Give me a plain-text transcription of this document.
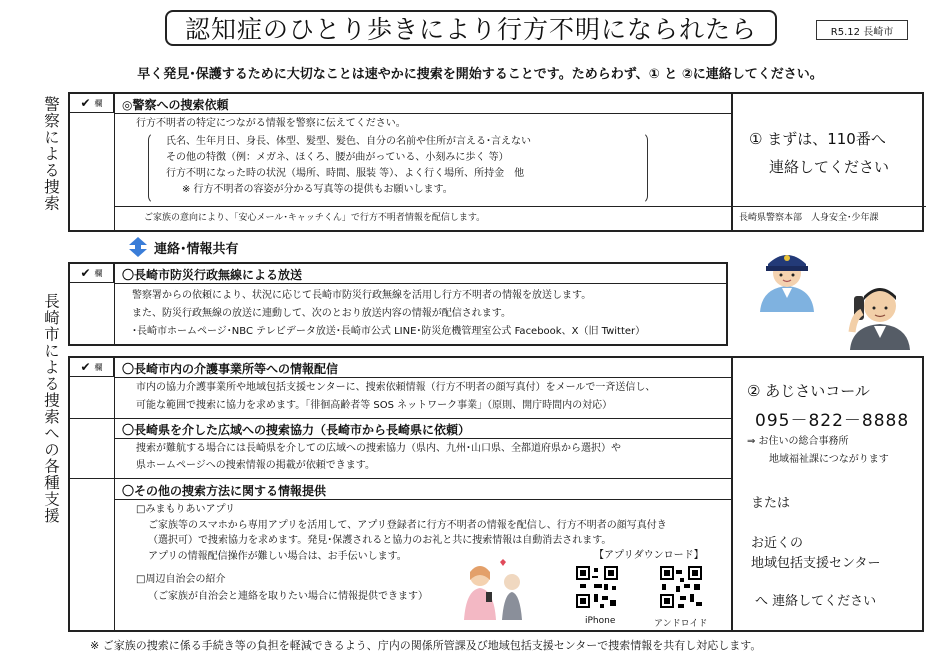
認知症のひとり歩きにより行方不明になられたら	R5.12 長崎市
早く発見･保護するために大切なことは速やかに捜索を開始することです。ためらわず、① と ②に連絡してください。
警察による捜索
長崎市による捜索への各種支援
✔ 欄 ◎警察への捜索依頼
行方不明者の特定につながる情報を警察に伝えてください。
氏名、生年月日、身長、体型、髪型、髪色、自分の名前や住所が言える･言えない
その他の特徴（例：メガネ、ほくろ、腰が曲がっている、小刻みに歩く 等）
行方不明になった時の状況（場所、時間、服装 等）、よく行く場所、所持金　他
※ 行方不明者の容姿が分かる写真等の提供もお願いします。
ご家族の意向により、「安心メール･キャッチくん」で行方不明者情報を配信します。
① まずは、110番へ
連絡してください
長崎県警察本部　人身安全･少年課
連絡･情報共有
✔ 欄 〇長崎市防災行政無線による放送
警察署からの依頼により、状況に応じて長崎市防災行政無線を活用し行方不明者の情報を放送します。
また、防災行政無線の放送に連動して、次のとおり放送内容の情報が配信されます。
･長崎市ホームページ･NBC テレビデータ放送･長崎市公式 LINE･防災危機管理室公式 Facebook、X（旧 Twitter）
✔ 欄 〇長崎市内の介護事業所等への情報配信
市内の協力介護事業所や地域包括支援センターに、捜索依頼情報（行方不明者の顔写真付）をメールで一斉送信し、
可能な範囲で捜索に協力を求めます。「徘徊高齢者等 SOS ネットワーク事業」（原則、開庁時間内の対応）
〇長崎県を介した広域への捜索協力（長崎市から長崎県に依頼）
捜索が難航する場合には長崎県を介しての広域への捜索協力（県内、九州･山口県、全都道府県から選択）や
県ホームページへの捜索情報の掲載が依頼できます。
〇その他の捜索方法に関する情報提供
□みまもりあいアプリ
ご家族等のスマホから専用アプリを活用して、アプリ登録者に行方不明者の情報を配信し、行方不明者の顔写真付き
（選択可）で捜索協力を求めます。発見･保護されると協力のお礼と共に捜索情報は自動消去されます。
アプリの情報配信操作が難しい場合は、お手伝いします。	【アプリダウンロード】
□周辺自治会の紹介
（ご家族が自治会と連絡を取りたい場合に情報提供できます）
iPhone	アンドロイド
② あじさいコール
095－822－8888
⇒ お住いの総合事務所
地域福祉課につながります
または
お近くの
地域包括支援センター
へ 連絡してください
※ ご家族の捜索に係る手続き等の負担を軽減できるよう、庁内の関係所管課及び地域包括支援センターで捜索情報を共有し対応します。
